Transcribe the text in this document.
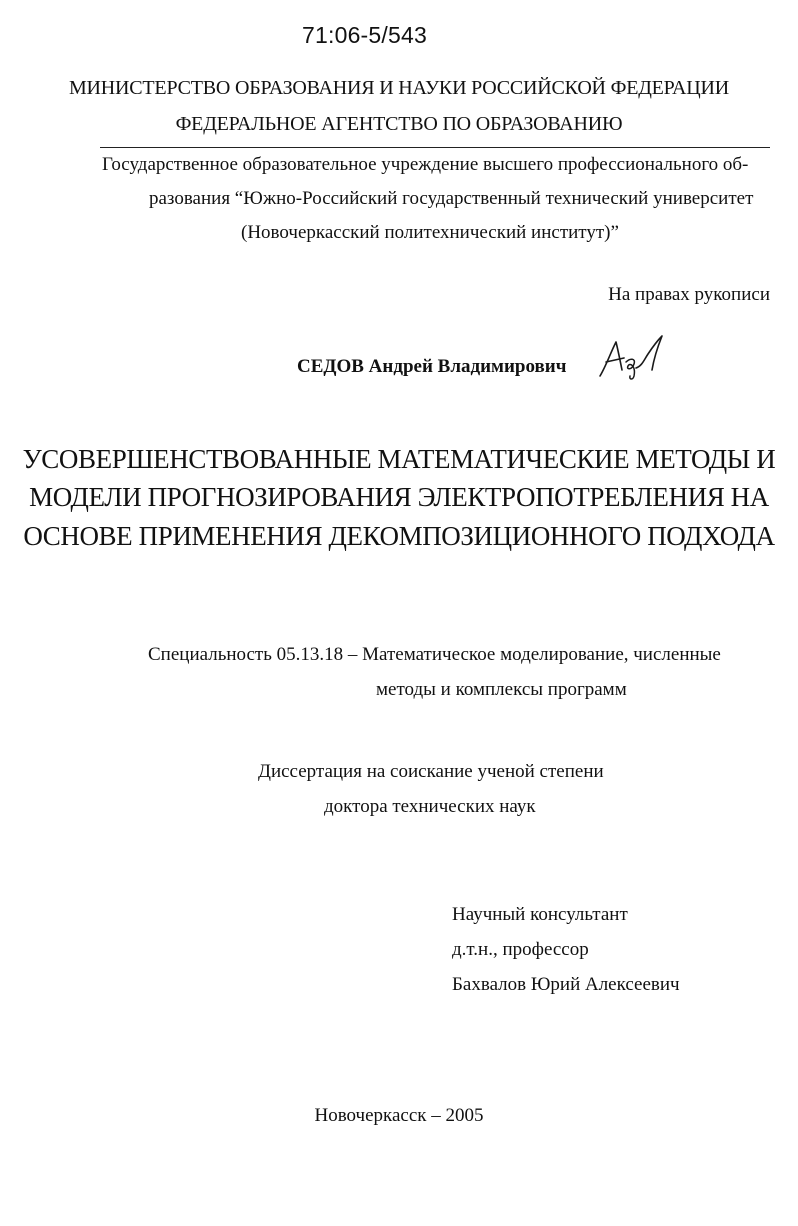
71:06-5/543
МИНИСТЕРСТВО ОБРАЗОВАНИЯ И НАУКИ РОССИЙСКОЙ ФЕДЕРАЦИИ
ФЕДЕРАЛЬНОЕ АГЕНТСТВО ПО ОБРАЗОВАНИЮ
Государственное образовательное учреждение высшего профессионального об-
разования “Южно-Российский государственный технический университет
(Новочеркасский политехнический институт)”
На правах рукописи
СЕДОВ Андрей Владимирович
УСОВЕРШЕНСТВОВАННЫЕ МАТЕМАТИЧЕСКИЕ МЕТОДЫ И
МОДЕЛИ ПРОГНОЗИРОВАНИЯ ЭЛЕКТРОПОТРЕБЛЕНИЯ НА
ОСНОВЕ ПРИМЕНЕНИЯ ДЕКОМПОЗИЦИОННОГО ПОДХОДА
Специальность 05.13.18 – Математическое моделирование, численные
методы и комплексы программ
Диссертация на соискание ученой степени
доктора технических наук
Научный консультант
д.т.н., профессор
Бахвалов Юрий Алексеевич
Новочеркасск – 2005
